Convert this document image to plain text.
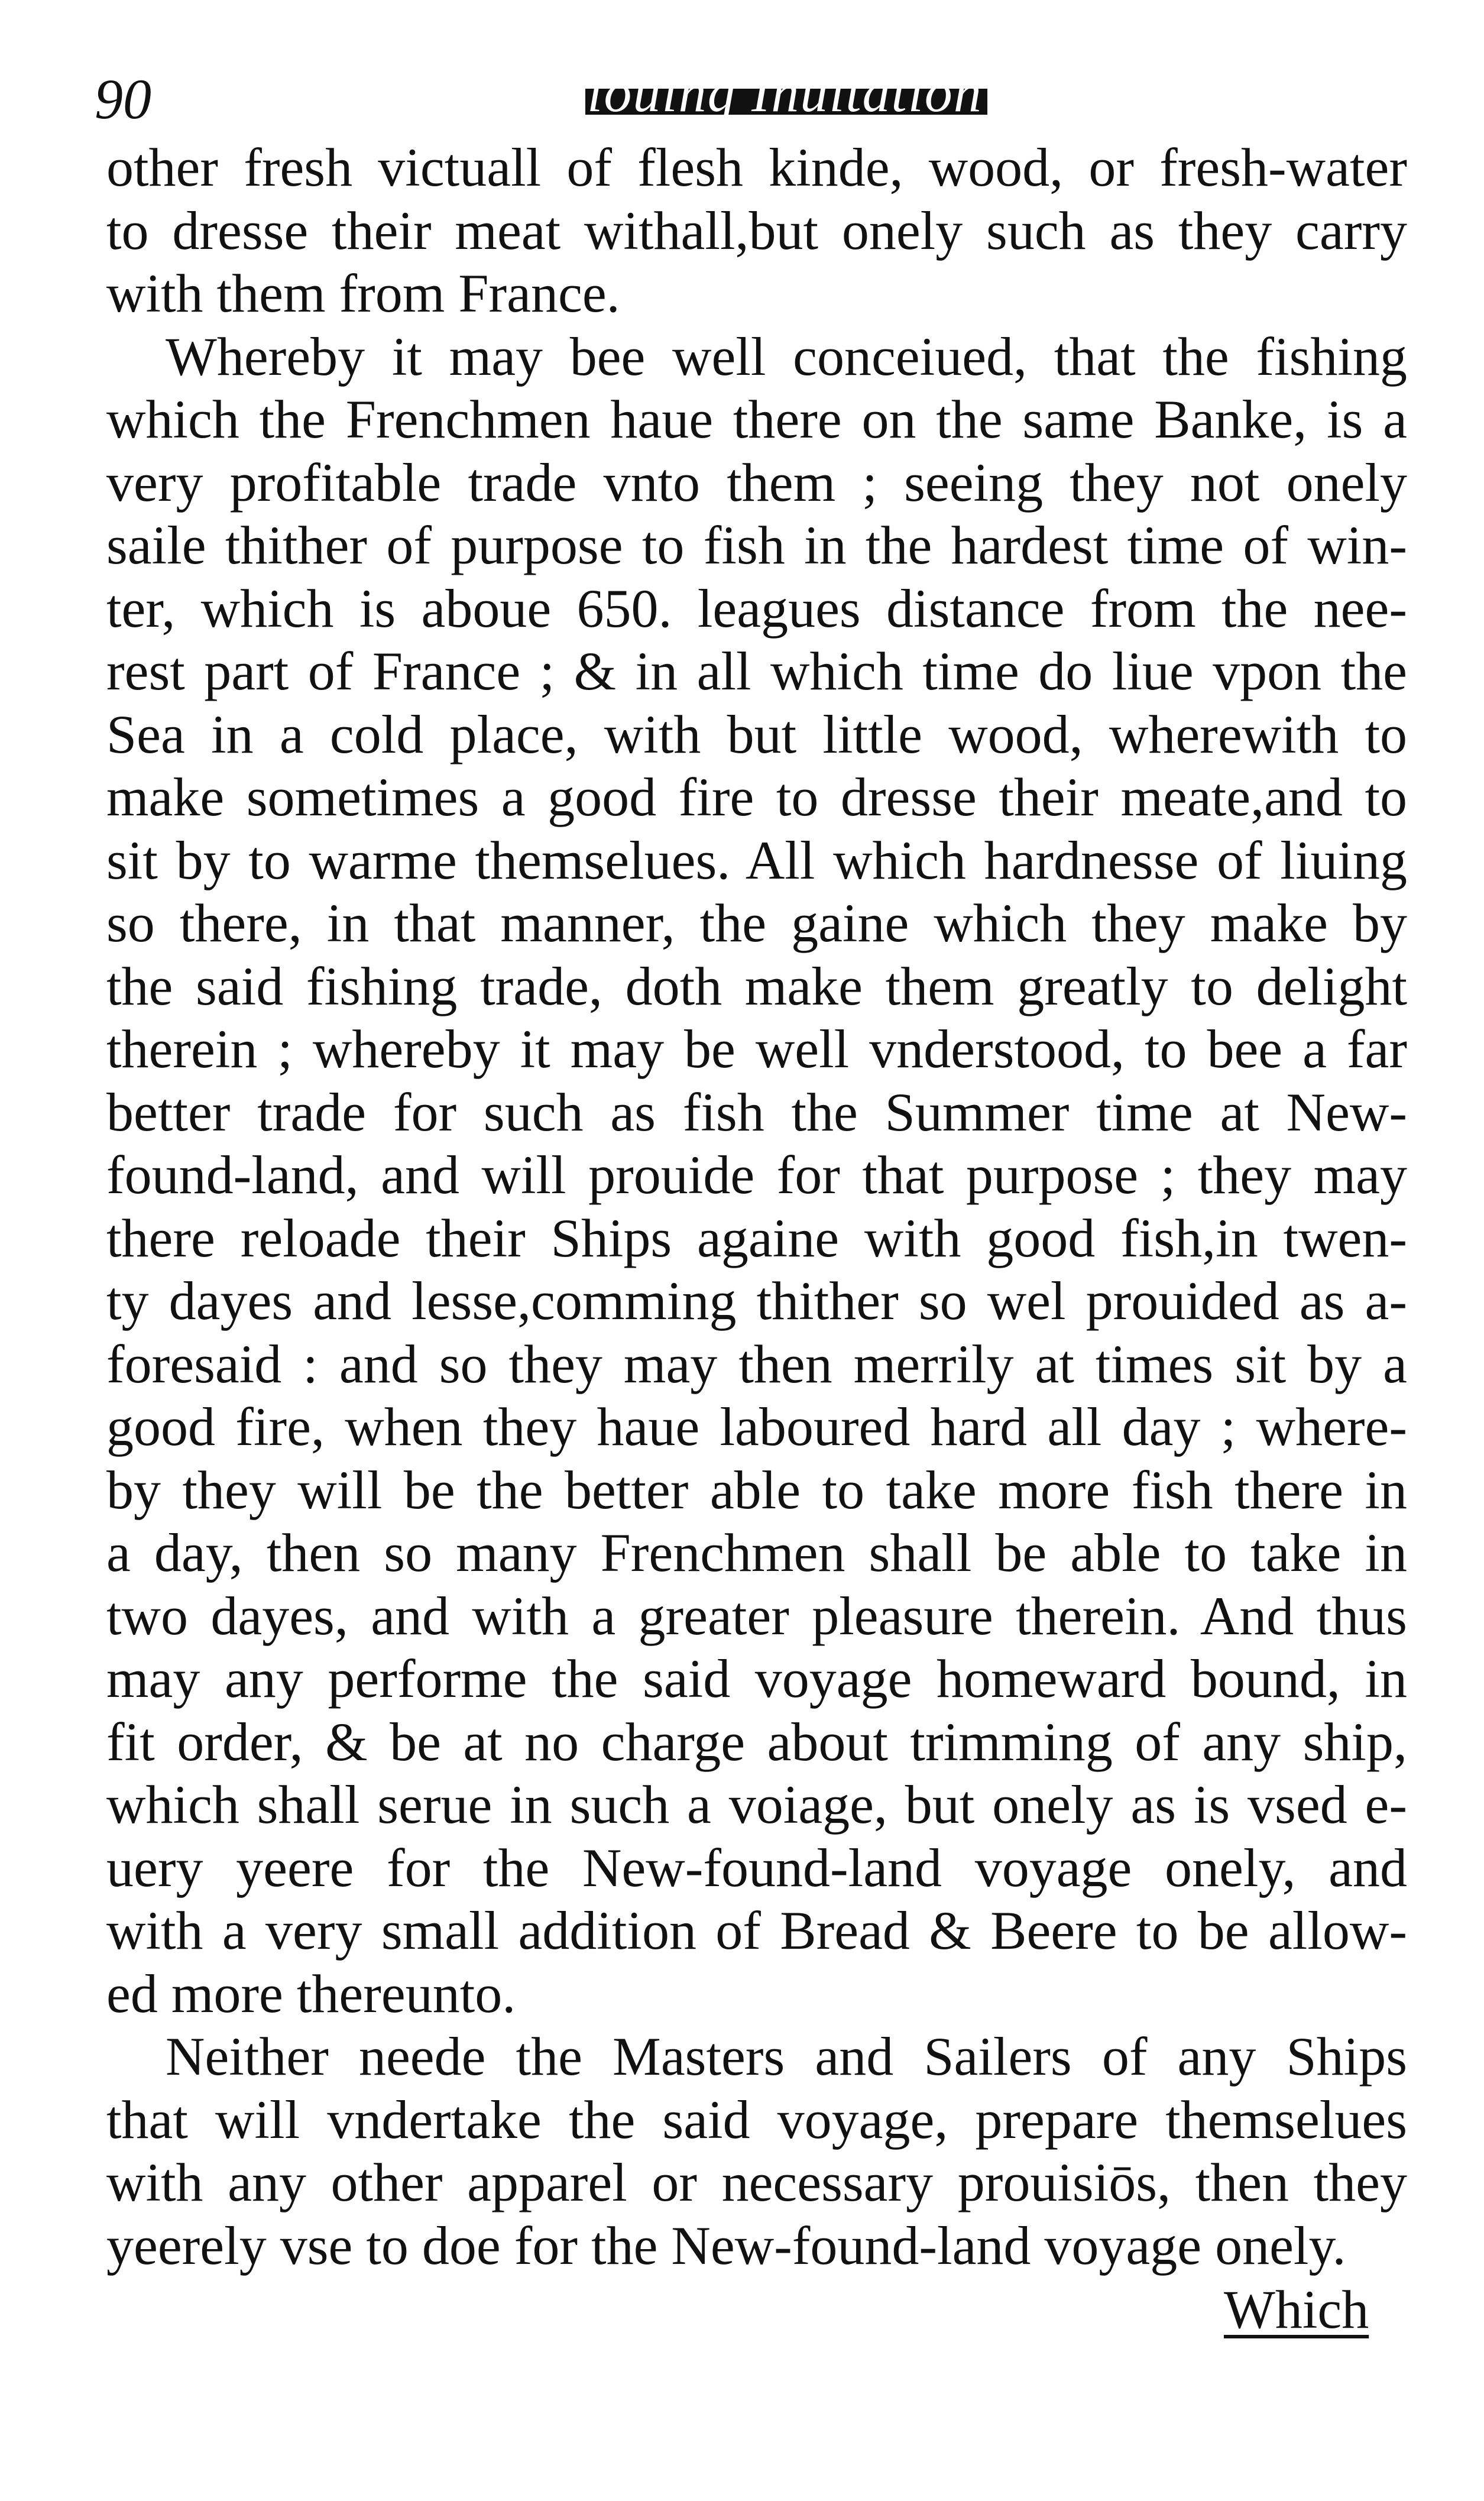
90	A louing Inuitation
other fresh victuall of flesh kinde, wood, or fresh-water
to dresse their meat withall,but onely such as they carry
with them from France.
Whereby it may bee well conceiued, that the fishing
which the Frenchmen haue there on the same Banke, is a
very profitable trade vnto them ; seeing they not onely
saile thither of purpose to fish in the hardest time of win-
ter, which is aboue 650. leagues distance from the nee-
rest part of France ; & in all which time do liue vpon the
Sea in a cold place, with but little wood, wherewith to
make sometimes a good fire to dresse their meate,and to
sit by to warme themselues. All which hardnesse of liuing
so there, in that manner, the gaine which they make by
the said fishing trade, doth make them greatly to delight
therein ; whereby it may be well vnderstood, to bee a far
better trade for such as fish the Summer time at New-
found-land, and will prouide for that purpose ; they may
there reloade their Ships againe with good fish,in twen-
ty dayes and lesse,comming thither so wel prouided as a-
foresaid : and so they may then merrily at times sit by a
good fire, when they haue laboured hard all day ; where-
by they will be the better able to take more fish there in
a day, then so many Frenchmen shall be able to take in
two dayes, and with a greater pleasure therein. And thus
may any performe the said voyage homeward bound, in
fit order, & be at no charge about trimming of any ship,
which shall serue in such a voiage, but onely as is vsed e-
uery yeere for the New-found-land voyage onely, and
with a very small addition of Bread & Beere to be allow-
ed more thereunto.
Neither neede the Masters and Sailers of any Ships
that will vndertake the said voyage, prepare themselues
with any other apparel or necessary prouisiōs, then they
yeerely vse to doe for the New-found-land voyage onely.
Which
